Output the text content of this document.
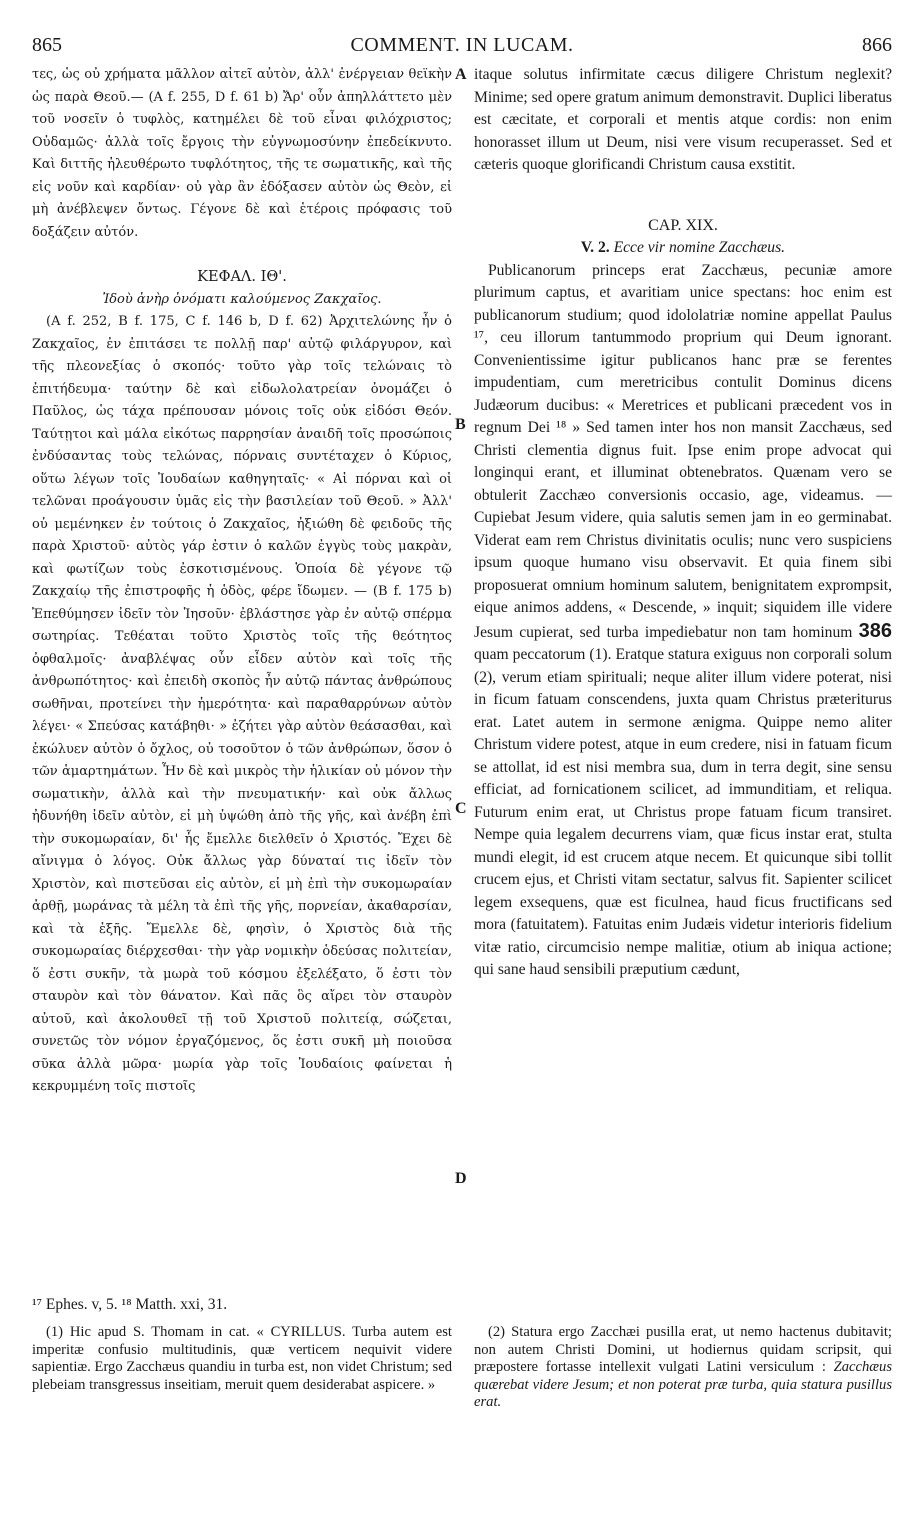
865	COMMENT. IN LUCAM.	866

τες, ὡς οὐ χρήματα μᾶλλον αἰτεῖ αὐτὸν, ἀλλ' ἐνέργειαν θεϊκὴν ὡς παρὰ Θεοῦ.— (A f. 255, D f. 61 b) Ἄρ' οὖν ἀπηλλάττετο μὲν τοῦ νοσεῖν ὁ τυφλὸς, κατημέλει δὲ τοῦ εἶναι φιλόχριστος; Οὐδαμῶς· ἀλλὰ τοῖς ἔργοις τὴν εὐγνωμοσύνην ἐπεδείκνυτο. Καὶ διττῆς ἠλευθέρωτο τυφλότητος, τῆς τε σωματικῆς, καὶ τῆς εἰς νοῦν καὶ καρδίαν· οὐ γὰρ ἂν ἐδόξασεν αὐτὸν ὡς Θεὸν, εἰ μὴ ἀνέβλεψεν ὄντως. Γέγονε δὲ καὶ ἑτέροις πρόφασις τοῦ δοξάζειν αὐτόν.

ΚΕΦΑΛ. ΙΘ'.

Ἰδοὺ ἀνὴρ ὀνόματι καλούμενος Ζακχαῖος.

(A f. 252, B f. 175, C f. 146 b, D f. 62) Ἀρχιτελώνης ἦν ὁ Ζακχαῖος, ἐν ἐπιτάσει τε πολλῇ παρ' αὐτῷ φιλάργυρον, καὶ τῆς πλεονεξίας ὁ σκοπός· τοῦτο γὰρ τοῖς τελώναις τὸ ἐπιτήδευμα· ταύτην δὲ καὶ εἰδωλολατρείαν ὀνομάζει ὁ Παῦλος, ὡς τάχα πρέπουσαν μόνοις τοῖς οὐκ εἰδόσι Θεόν. Ταύτῃτοι καὶ μάλα εἰκότως παρρησίαν ἀναιδῆ τοῖς προσώποις ἐνδύσαντας τοὺς τελώνας, πόρναις συντέταχεν ὁ Κύριος, οὕτω λέγων τοῖς Ἰουδαίων καθηγηταῖς· « Αἱ πόρναι καὶ οἱ τελῶναι προάγουσιν ὑμᾶς εἰς τὴν βασιλείαν τοῦ Θεοῦ. » Ἀλλ' οὐ μεμένηκεν ἐν τούτοις ὁ Ζακχαῖος, ἠξιώθη δὲ φειδοῦς τῆς παρὰ Χριστοῦ· αὐτὸς γάρ ἐστιν ὁ καλῶν ἐγγὺς τοὺς μακρὰν, καὶ φωτίζων τοὺς ἐσκοτισμένους. Ὁποία δὲ γέγονε τῷ Ζακχαίῳ τῆς ἐπιστροφῆς ἡ ὁδὸς, φέρε ἴδωμεν. — (B f. 175 b) Ἐπεθύμησεν ἰδεῖν τὸν Ἰησοῦν· ἐβλάστησε γὰρ ἐν αὐτῷ σπέρμα σωτηρίας. Τεθέαται τοῦτο Χριστὸς τοῖς τῆς θεότητος ὀφθαλμοῖς· ἀναβλέψας οὖν εἶδεν αὐτὸν καὶ τοῖς τῆς ἀνθρωπότητος· καὶ ἐπειδὴ σκοπὸς ἦν αὐτῷ πάντας ἀνθρώπους σωθῆναι, προτείνει τὴν ἡμερότητα· καὶ παραθαρρύνων αὐτὸν λέγει· « Σπεύσας κατάβηθι· » ἐζήτει γὰρ αὐτὸν θεάσασθαι, καὶ ἐκώλυεν αὐτὸν ὁ ὄχλος, οὐ τοσοῦτον ὁ τῶν ἀνθρώπων, ὅσον ὁ τῶν ἁμαρτημάτων. Ἦν δὲ καὶ μικρὸς τὴν ἡλικίαν οὐ μόνον τὴν σωματικὴν, ἀλλὰ καὶ τὴν πνευματικήν· καὶ οὐκ ἄλλως ἠδυνήθη ἰδεῖν αὐτὸν, εἰ μὴ ὑψώθη ἀπὸ τῆς γῆς, καὶ ἀνέβη ἐπὶ τὴν συκομωραίαν, δι' ἧς ἔμελλε διελθεῖν ὁ Χριστός. Ἔχει δὲ αἴνιγμα ὁ λόγος. Οὐκ ἄλλως γὰρ δύναταί τις ἰδεῖν τὸν Χριστὸν, καὶ πιστεῦσαι εἰς αὐτὸν, εἰ μὴ ἐπὶ τὴν συκομωραίαν ἀρθῇ, μωράνας τὰ μέλη τὰ ἐπὶ τῆς γῆς, πορνείαν, ἀκαθαρσίαν, καὶ τὰ ἑξῆς. Ἔμελλε δὲ, φησὶν, ὁ Χριστὸς διὰ τῆς συκομωραίας διέρχεσθαι· τὴν γὰρ νομικὴν ὁδεύσας πολιτείαν, ὅ ἐστι συκῆν, τὰ μωρὰ τοῦ κόσμου ἐξελέξατο, ὅ ἐστι τὸν σταυρὸν καὶ τὸν θάνατον. Καὶ πᾶς ὃς αἴρει τὸν σταυρὸν αὐτοῦ, καὶ ἀκολουθεῖ τῇ τοῦ Χριστοῦ πολιτείᾳ, σώζεται, συνετῶς τὸν νόμον ἐργαζόμενος, ὅς ἐστι συκῆ μὴ ποιοῦσα σῦκα ἀλλὰ μῶρα· μωρία γὰρ τοῖς Ἰουδαίοις φαίνεται ἡ κεκρυμμένη τοῖς πιστοῖς

itaque solutus infirmitate cæcus diligere Christum neglexit? Minime; sed opere gratum animum demonstravit. Duplici liberatus est cæcitate, et corporali et mentis atque cordis: non enim honorasset illum ut Deum, nisi vere visum recuperasset. Sed et cæteris quoque glorificandi Christum causa exstitit.

CAP. XIX.

V. 2. Ecce vir nomine Zacchæus.

Publicanorum princeps erat Zacchæus, pecuniæ amore plurimum captus, et avaritiam unice spectans: hoc enim est publicanorum studium; quod idololatriæ nomine appellat Paulus ¹⁷, ceu illorum tantummodo proprium qui Deum ignorant. Convenientissime igitur publicanos hanc præ se ferentes impudentiam, cum meretricibus contulit Dominus dicens Judæorum ducibus: « Meretrices et publicani præcedent vos in regnum Dei ¹⁸ » Sed tamen inter hos non mansit Zacchæus, sed Christi clementia dignus fuit. Ipse enim prope advocat qui longinqui erant, et illuminat obtenebratos. Quænam vero se obtulerit Zacchæo conversionis occasio, age, videamus. — Cupiebat Jesum videre, quia salutis semen jam in eo germinabat. Viderat eam rem Christus divinitatis oculis; nunc vero suspiciens ipsum quoque humano visu observavit. Et quia finem sibi proposuerat omnium hominum salutem, benignitatem exprompsit, eique animos addens, « Descende, » inquit; siquidem ille videre Jesum cupierat, sed turba impediebatur non tam hominum 386 quam peccatorum (1). Eratque statura exiguus non corporali solum (2), verum etiam spirituali; neque aliter illum videre poterat, nisi in ficum fatuam conscendens, juxta quam Christus præteriturus erat. Latet autem in sermone ænigma. Quippe nemo aliter Christum videre potest, atque in eum credere, nisi in fatuam ficum se attollat, id est nisi membra sua, dum in terra degit, sine sensu efficiat, ad fornicationem scilicet, ad immunditiam, et reliqua. Futurum enim erat, ut Christus prope fatuam ficum transiret. Nempe quia legalem decurrens viam, quæ ficus instar erat, stulta mundi elegit, id est crucem atque necem. Et quicunque sibi tollit crucem ejus, et Christi vitam sectatur, salvus fit. Sapienter scilicet legem exsequens, quæ est ficulnea, haud ficus fructificans sed mora (fatuitatem). Fatuitas enim Judæis videtur interioris fidelium vitæ ratio, circumcisio nempe malitiæ, otium ab iniqua actione; qui sane haud sensibili præputium cædunt,

A
B
C
D
¹⁷ Ephes. v, 5. ¹⁸ Matth. xxi, 31.

(1) Hic apud S. Thomam in cat. « CYRILLUS. Turba autem est imperitæ confusio multitudinis, quæ verticem nequivit videre sapientiæ. Ergo Zacchæus quandiu in turba est, non videt Christum; sed plebeiam transgressus inseitiam, meruit quem desiderabat aspicere. »

(2) Statura ergo Zacchæi pusilla erat, ut nemo hactenus dubitavit; non autem Christi Domini, ut hodiernus quidam scripsit, qui præpostere fortasse intellexit vulgati Latini versiculum : Zacchæus quærebat videre Jesum; et non poterat præ turba, quia statura pusillus erat.
